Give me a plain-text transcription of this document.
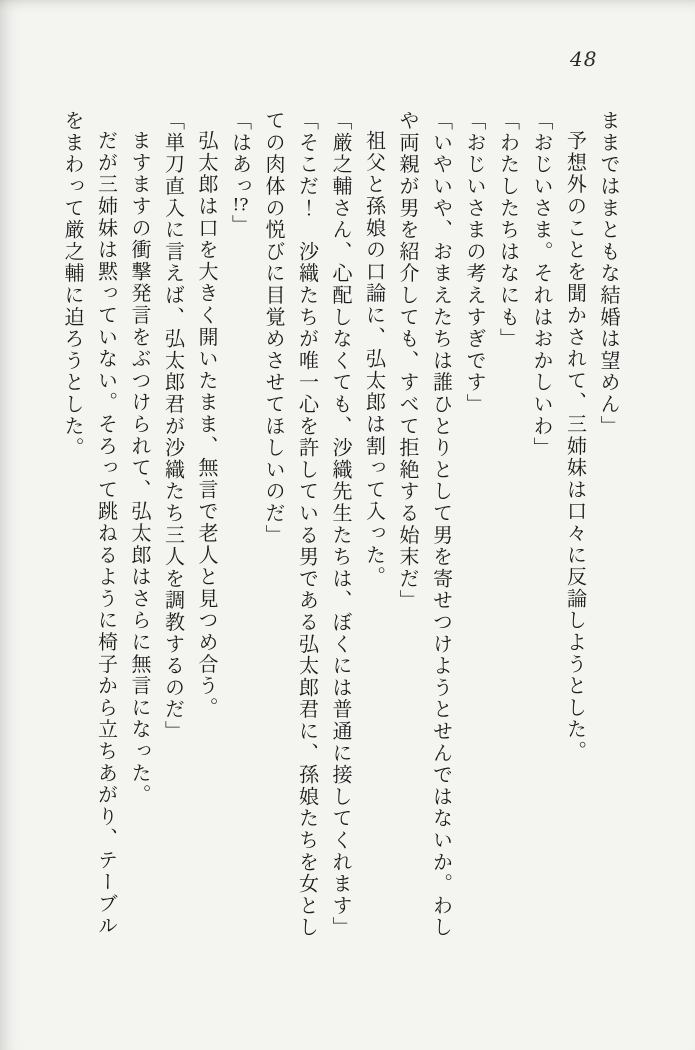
48

ままではまともな結婚は望めん」

予想外のことを聞かされて、三姉妹は口々に反論しようとした。

「おじいさま。それはおかしいわ」

「わたしたちはなにも」

「おじいさまの考えすぎです」

「いやいや、おまえたちは誰ひとりとして男を寄せつけようとせんではないか。わしや両親が男を紹介しても、すべて拒絶する始末だ」

祖父と孫娘の口論に、弘太郎は割って入った。

「厳之輔さん、心配しなくても、沙織先生たちは、ぼくには普通に接してくれます」

「そこだ！　沙織たちが唯一心を許している男である弘太郎君に、孫娘たちを女としての肉体の悦びに目覚めさせてほしいのだ」

「はあっ!?」

弘太郎は口を大きく開いたまま、無言で老人と見つめ合う。

「単刀直入に言えば、弘太郎君が沙織たち三人を調教するのだ」

ますますの衝撃発言をぶつけられて、弘太郎はさらに無言になった。

だが三姉妹は黙っていない。そろって跳ねるように椅子から立ちあがり、テーブルをまわって厳之輔に迫ろうとした。
